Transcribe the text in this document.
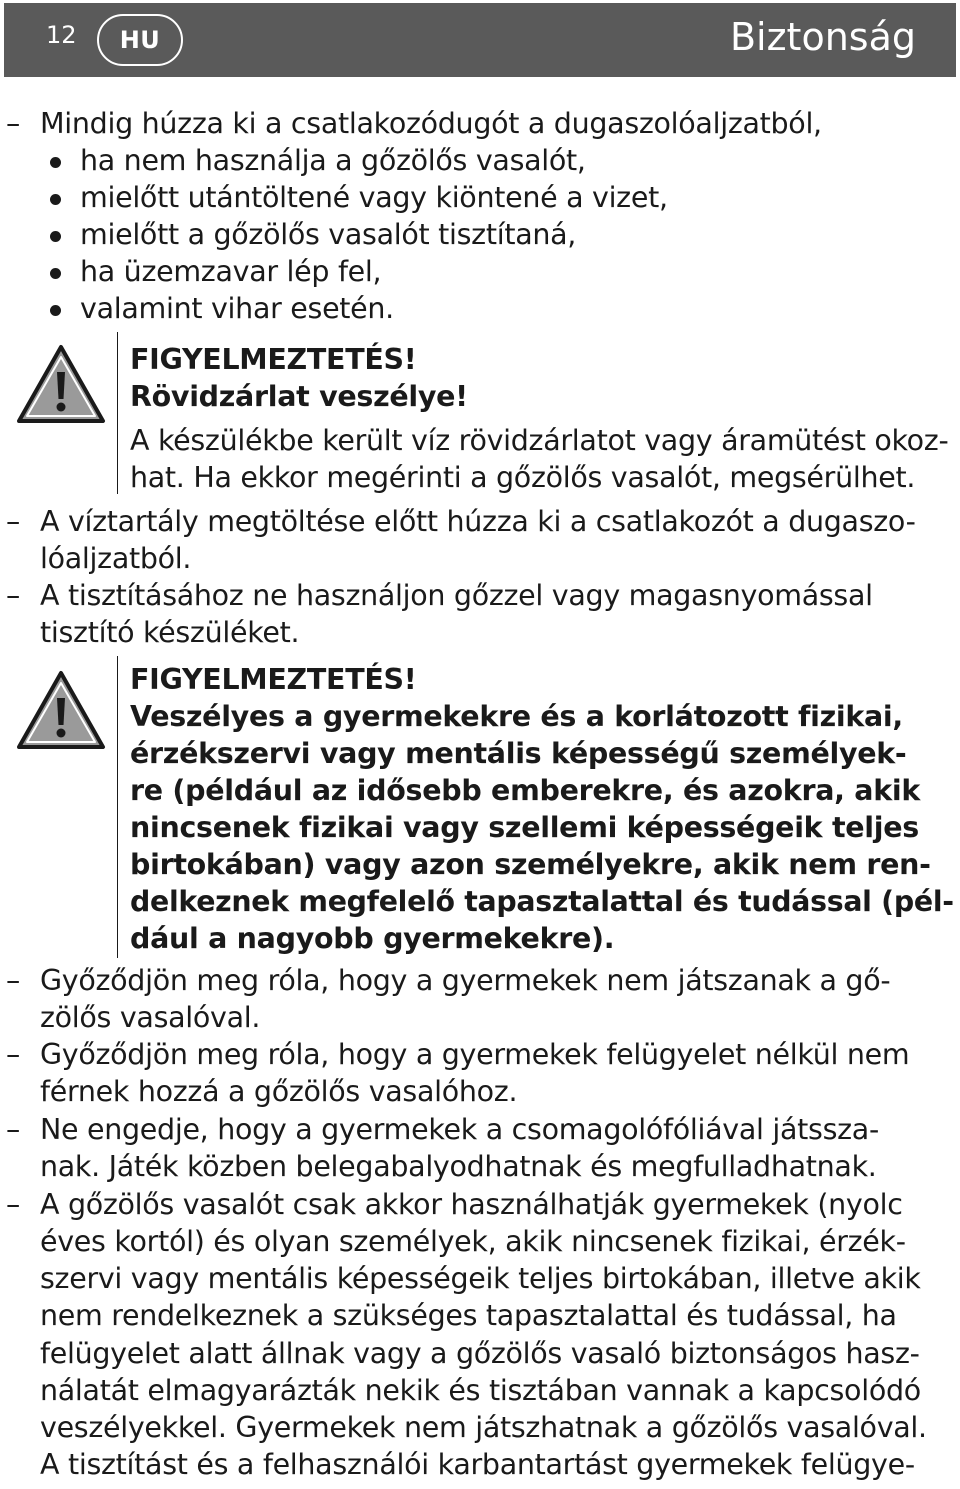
12	HU	Biztonság
– Mindig húzza ki a csatlakozódugót a dugaszolóaljzatból,
ha nem használja a gőzölős vasalót,
mielőtt utántöltené vagy kiöntené a vizet,
mielőtt a gőzölős vasalót tisztítaná,
ha üzemzavar lép fel,
valamint vihar esetén.
FIGYELMEZTETÉS!
Rövidzárlat veszélye!
A készülékbe került víz rövidzárlatot vagy áramütést okoz-
hat. Ha ekkor megérinti a gőzölős vasalót, megsérülhet.
– A víztartály megtöltése előtt húzza ki a csatlakozót a dugaszo-
lóaljzatból.
– A tisztításához ne használjon gőzzel vagy magasnyomással
tisztító készüléket.
FIGYELMEZTETÉS!
Veszélyes a gyermekekre és a korlátozott fizikai,
érzékszervi vagy mentális képességű személyek-
re (például az idősebb emberekre, és azokra, akik
nincsenek fizikai vagy szellemi képességeik teljes
birtokában) vagy azon személyekre, akik nem ren-
delkeznek megfelelő tapasztalattal és tudással (pél-
dául a nagyobb gyermekekre).
– Győződjön meg róla, hogy a gyermekek nem játszanak a gő-
zölős vasalóval.
– Győződjön meg róla, hogy a gyermekek felügyelet nélkül nem
férnek hozzá a gőzölős vasalóhoz.
– Ne engedje, hogy a gyermekek a csomagolófóliával játssza-
nak. Játék közben belegabalyodhatnak és megfulladhatnak.
– A gőzölős vasalót csak akkor használhatják gyermekek (nyolc
éves kortól) és olyan személyek, akik nincsenek fizikai, érzék-
szervi vagy mentális képességeik teljes birtokában, illetve akik
nem rendelkeznek a szükséges tapasztalattal és tudással, ha
felügyelet alatt állnak vagy a gőzölős vasaló biztonságos hasz-
nálatát elmagyarázták nekik és tisztában vannak a kapcsolódó
veszélyekkel. Gyermekek nem játszhatnak a gőzölős vasalóval.
A tisztítást és a felhasználói karbantartást gyermekek felügye-
